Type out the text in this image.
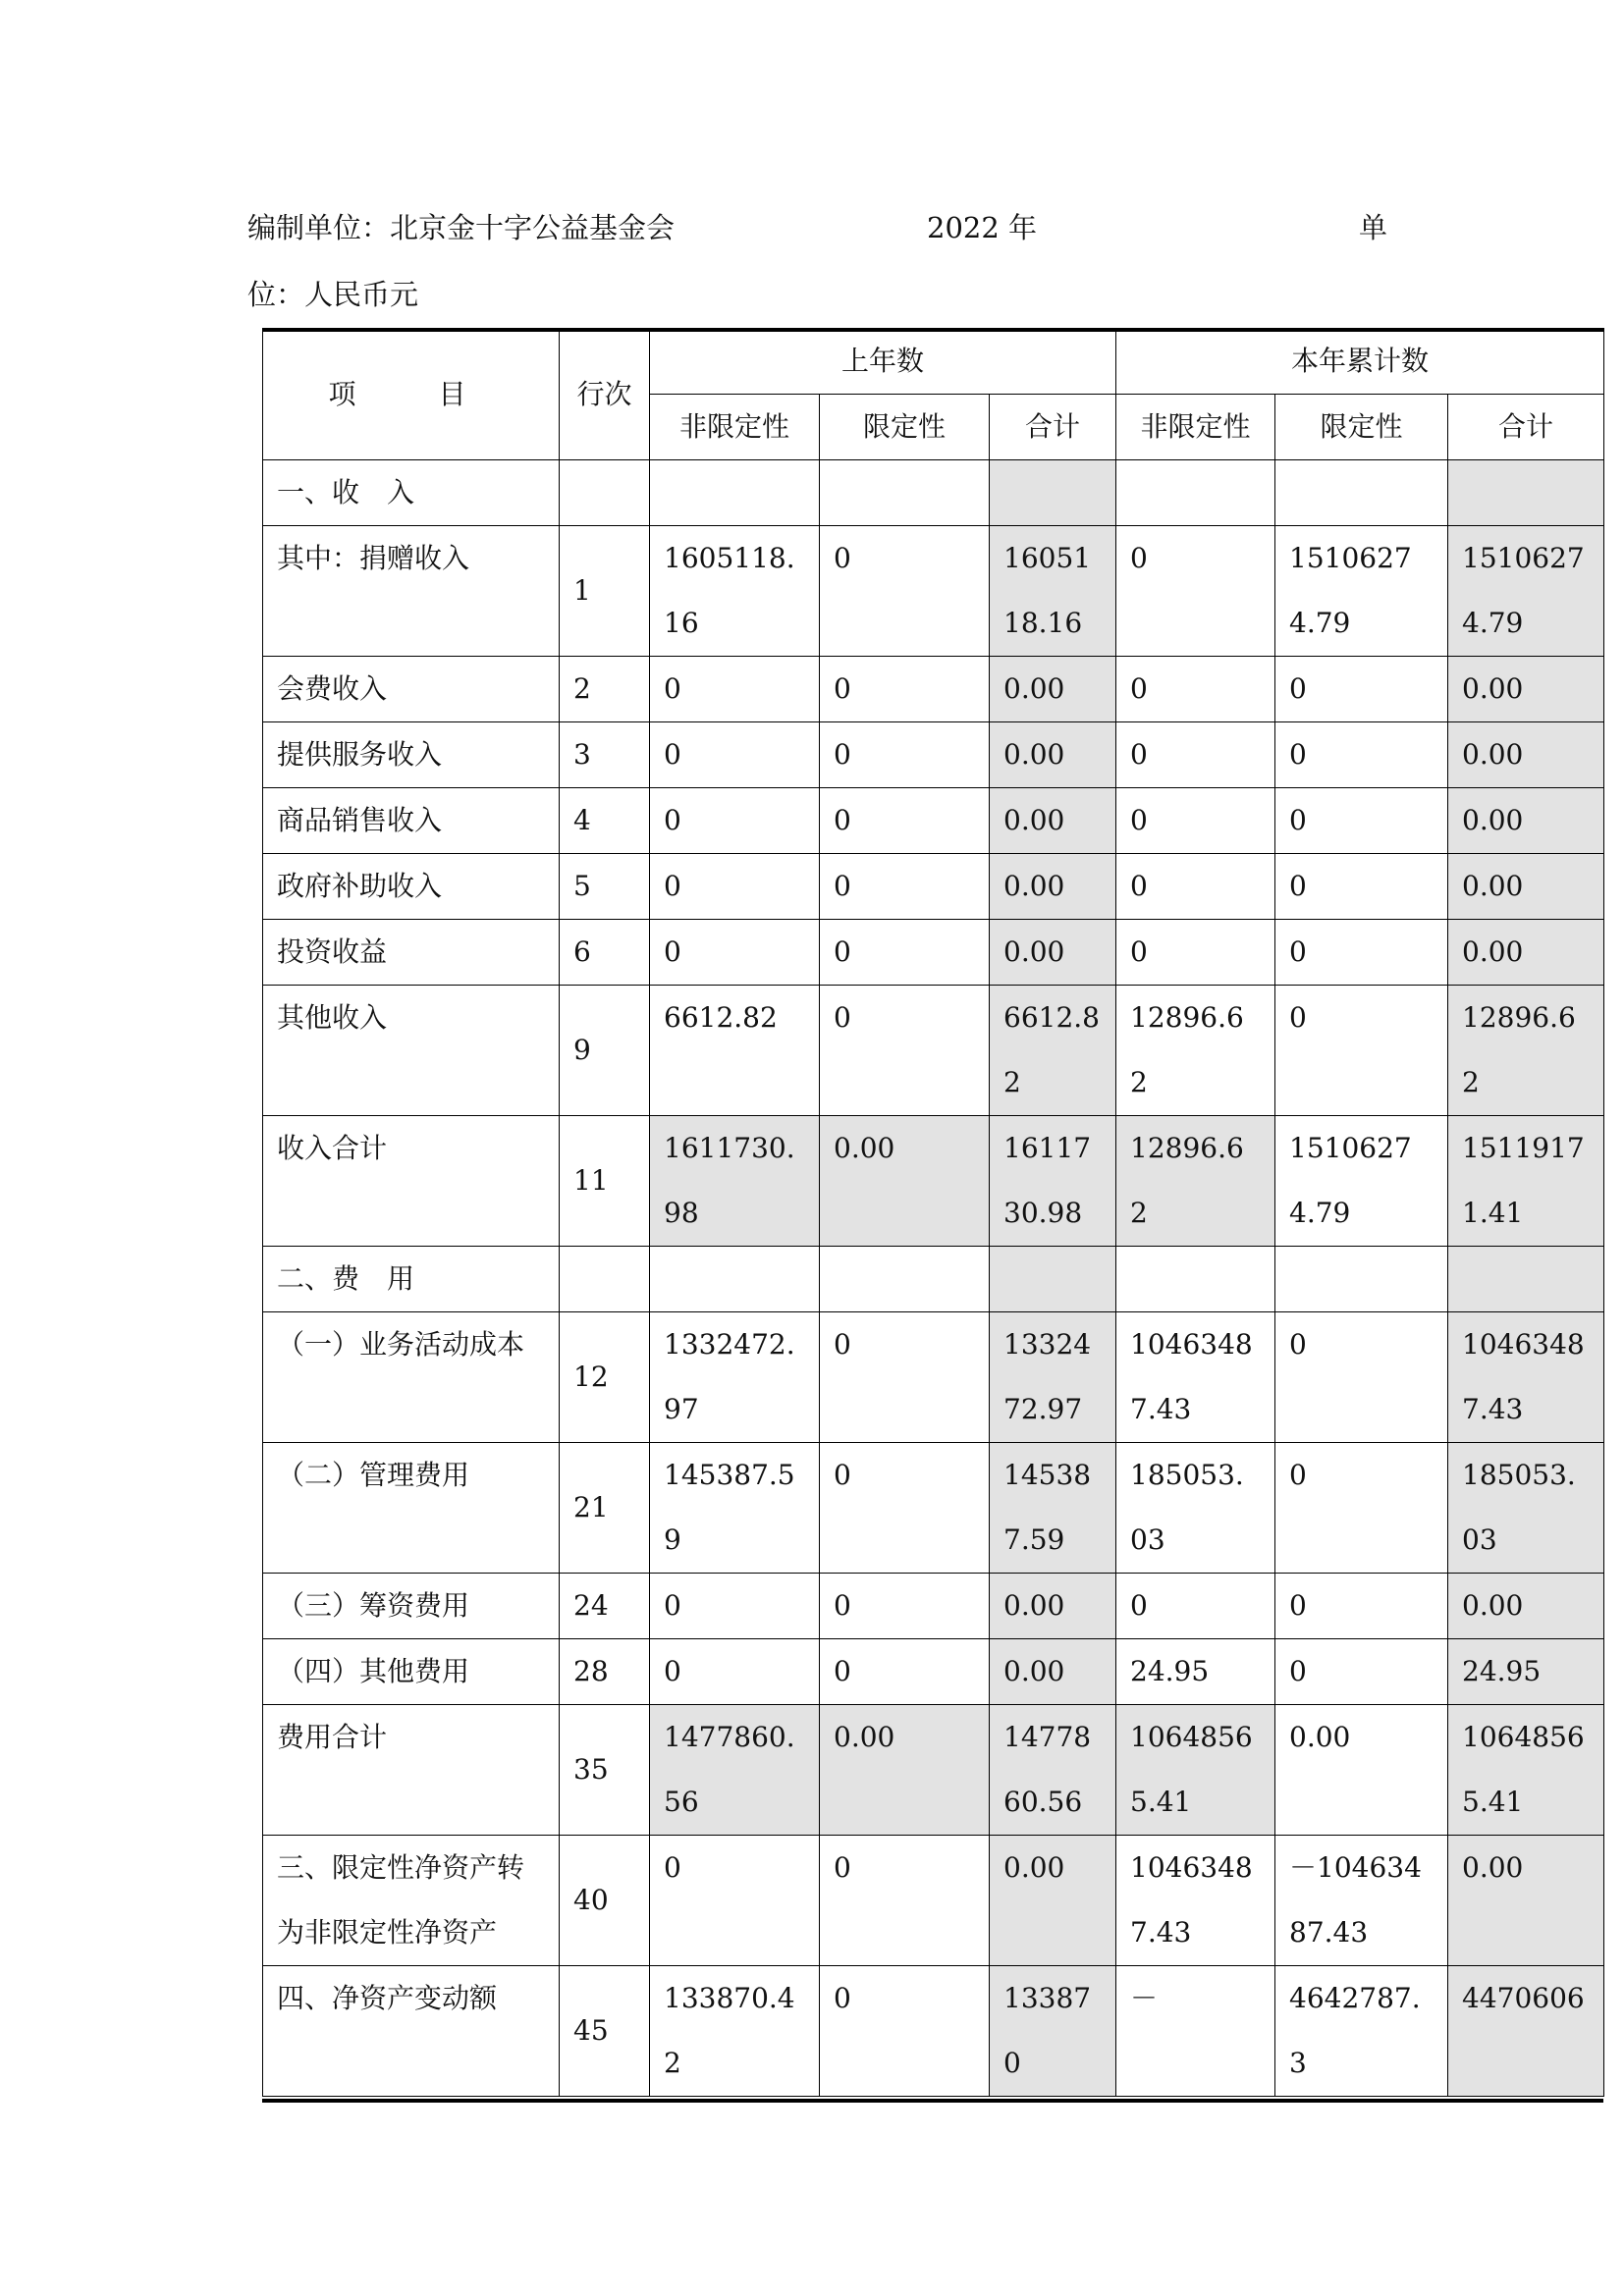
编制单位：北京金十字公益基金会	2022 年	单
位：人民币元
项　目	行次	上年数			本年累计数		
		非限定性	限定性	合计	非限定性	限定性	合计
一、收　入							
其中：捐赠收入	1	1605118.16	0	1605118.16	0	15106274.79	15106274.79
会费收入	2	0	0	0.00	0	0	0.00
提供服务收入	3	0	0	0.00	0	0	0.00
商品销售收入	4	0	0	0.00	0	0	0.00
政府补助收入	5	0	0	0.00	0	0	0.00
投资收益	6	0	0	0.00	0	0	0.00
其他收入	9	6612.82	0	6612.82	12896.62	0	12896.62
收入合计	11	1611730.98	0.00	1611730.98	12896.62	15106274.79	15119171.41
二、费　用							
（一）业务活动成本	12	1332472.97	0	1332472.97	10463487.43	0	10463487.43
（二）管理费用	21	145387.59	0	145387.59	185053.03	0	185053.03
（三）筹资费用	24	0	0	0.00	0	0	0.00
（四）其他费用	28	0	0	0.00	24.95	0	24.95
费用合计	35	1477860.56	0.00	1477860.56	10648565.41	0.00	10648565.41
三、限定性净资产转为非限定性净资产	40	0	0	0.00	10463487.43	－10463487.43	0.00
四、净资产变动额	45	133870.42	0	133870	－	4642787.3	4470606
